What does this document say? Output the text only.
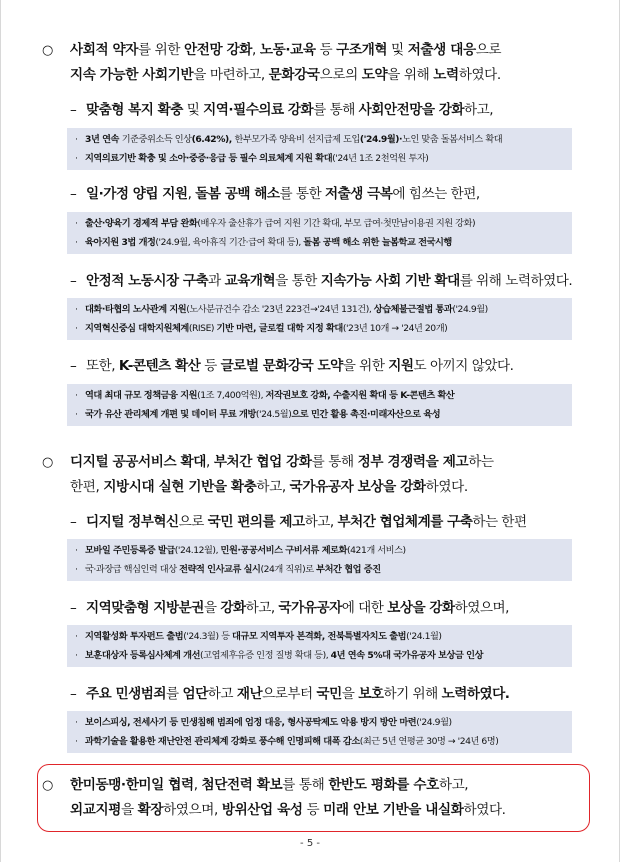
○ 사회적 약자를 위한 안전망 강화, 노동·교육 등 구조개혁 및 저출생 대응으로
지속 가능한 사회기반을 마련하고, 문화강국으로의 도약을 위해 노력하였다.
– 맞춤형 복지 확충 및 지역·필수의료 강화를 통해 사회안전망을 강화하고,
· 3년 연속 기준중위소득 인상(6.42%), 한부모가족 양육비 선지급제 도입('24.9월)·노인 맞춤 돌봄서비스 확대
· 지역의료기반 확충 및 소아·중증·응급 등 필수 의료체계 지원 확대('24년 1조 2천억원 투자)
– 일·가정 양립 지원, 돌봄 공백 해소를 통한 저출생 극복에 힘쓰는 한편,
· 출산·양육기 경제적 부담 완화(배우자 출산휴가 급여 지원 기간 확대, 부모 급여·첫만남이용권 지원 강화)
· 육아지원 3법 개정('24.9월, 육아휴직 기간·급여 확대 등), 돌봄 공백 해소 위한 늘봄학교 전국시행
– 안정적 노동시장 구축과 교육개혁을 통한 지속가능 사회 기반 확대를 위해 노력하였다.
· 대화·타협의 노사관계 지원(노사분규건수 감소 '23년 223건→'24년 131건), 상습체불근절법 통과('24.9월)
· 지역혁신중심 대학지원체계(RISE) 기반 마련, 글로컬 대학 지정 확대('23년 10개 → '24년 20개)
– 또한, K-콘텐츠 확산 등 글로벌 문화강국 도약을 위한 지원도 아끼지 않았다.
· 역대 최대 규모 정책금융 지원(1조 7,400억원), 저작권보호 강화, 수출지원 확대 등 K-콘텐츠 확산
· 국가 유산 관리체계 개편 및 데이터 무료 개방('24.5월)으로 민간 활용 촉진·미래자산으로 육성
○ 디지털 공공서비스 확대, 부처간 협업 강화를 통해 정부 경쟁력을 제고하는
한편, 지방시대 실현 기반을 확충하고, 국가유공자 보상을 강화하였다.
– 디지털 정부혁신으로 국민 편의를 제고하고, 부처간 협업체계를 구축하는 한편
· 모바일 주민등록증 발급('24.12월), 민원·공공서비스 구비서류 제로화(421개 서비스)
· 국·과장급 핵심인력 대상 전략적 인사교류 실시(24개 직위)로 부처간 협업 증진
– 지역맞춤형 지방분권을 강화하고, 국가유공자에 대한 보상을 강화하였으며,
· 지역활성화 투자펀드 출범('24.3월) 등 대규모 지역투자 본격화, 전북특별자치도 출범('24.1월)
· 보훈대상자 등록심사체계 개선(고엽제후유증 인정 질병 확대 등), 4년 연속 5%대 국가유공자 보상금 인상
– 주요 민생범죄를 엄단하고 재난으로부터 국민을 보호하기 위해 노력하였다.
· 보이스피싱, 전세사기 등 민생침해 범죄에 엄정 대응, 형사공탁제도 악용 방지 방안 마련('24.9월)
· 과학기술을 활용한 재난안전 관리체계 강화로 풍수해 인명피해 대폭 감소(최근 5년 연평균 30명 → '24년 6명)
○ 한미동맹·한미일 협력, 첨단전력 확보를 통해 한반도 평화를 수호하고,
외교지평을 확장하였으며, 방위산업 육성 등 미래 안보 기반을 내실화하였다.
- 5 -
